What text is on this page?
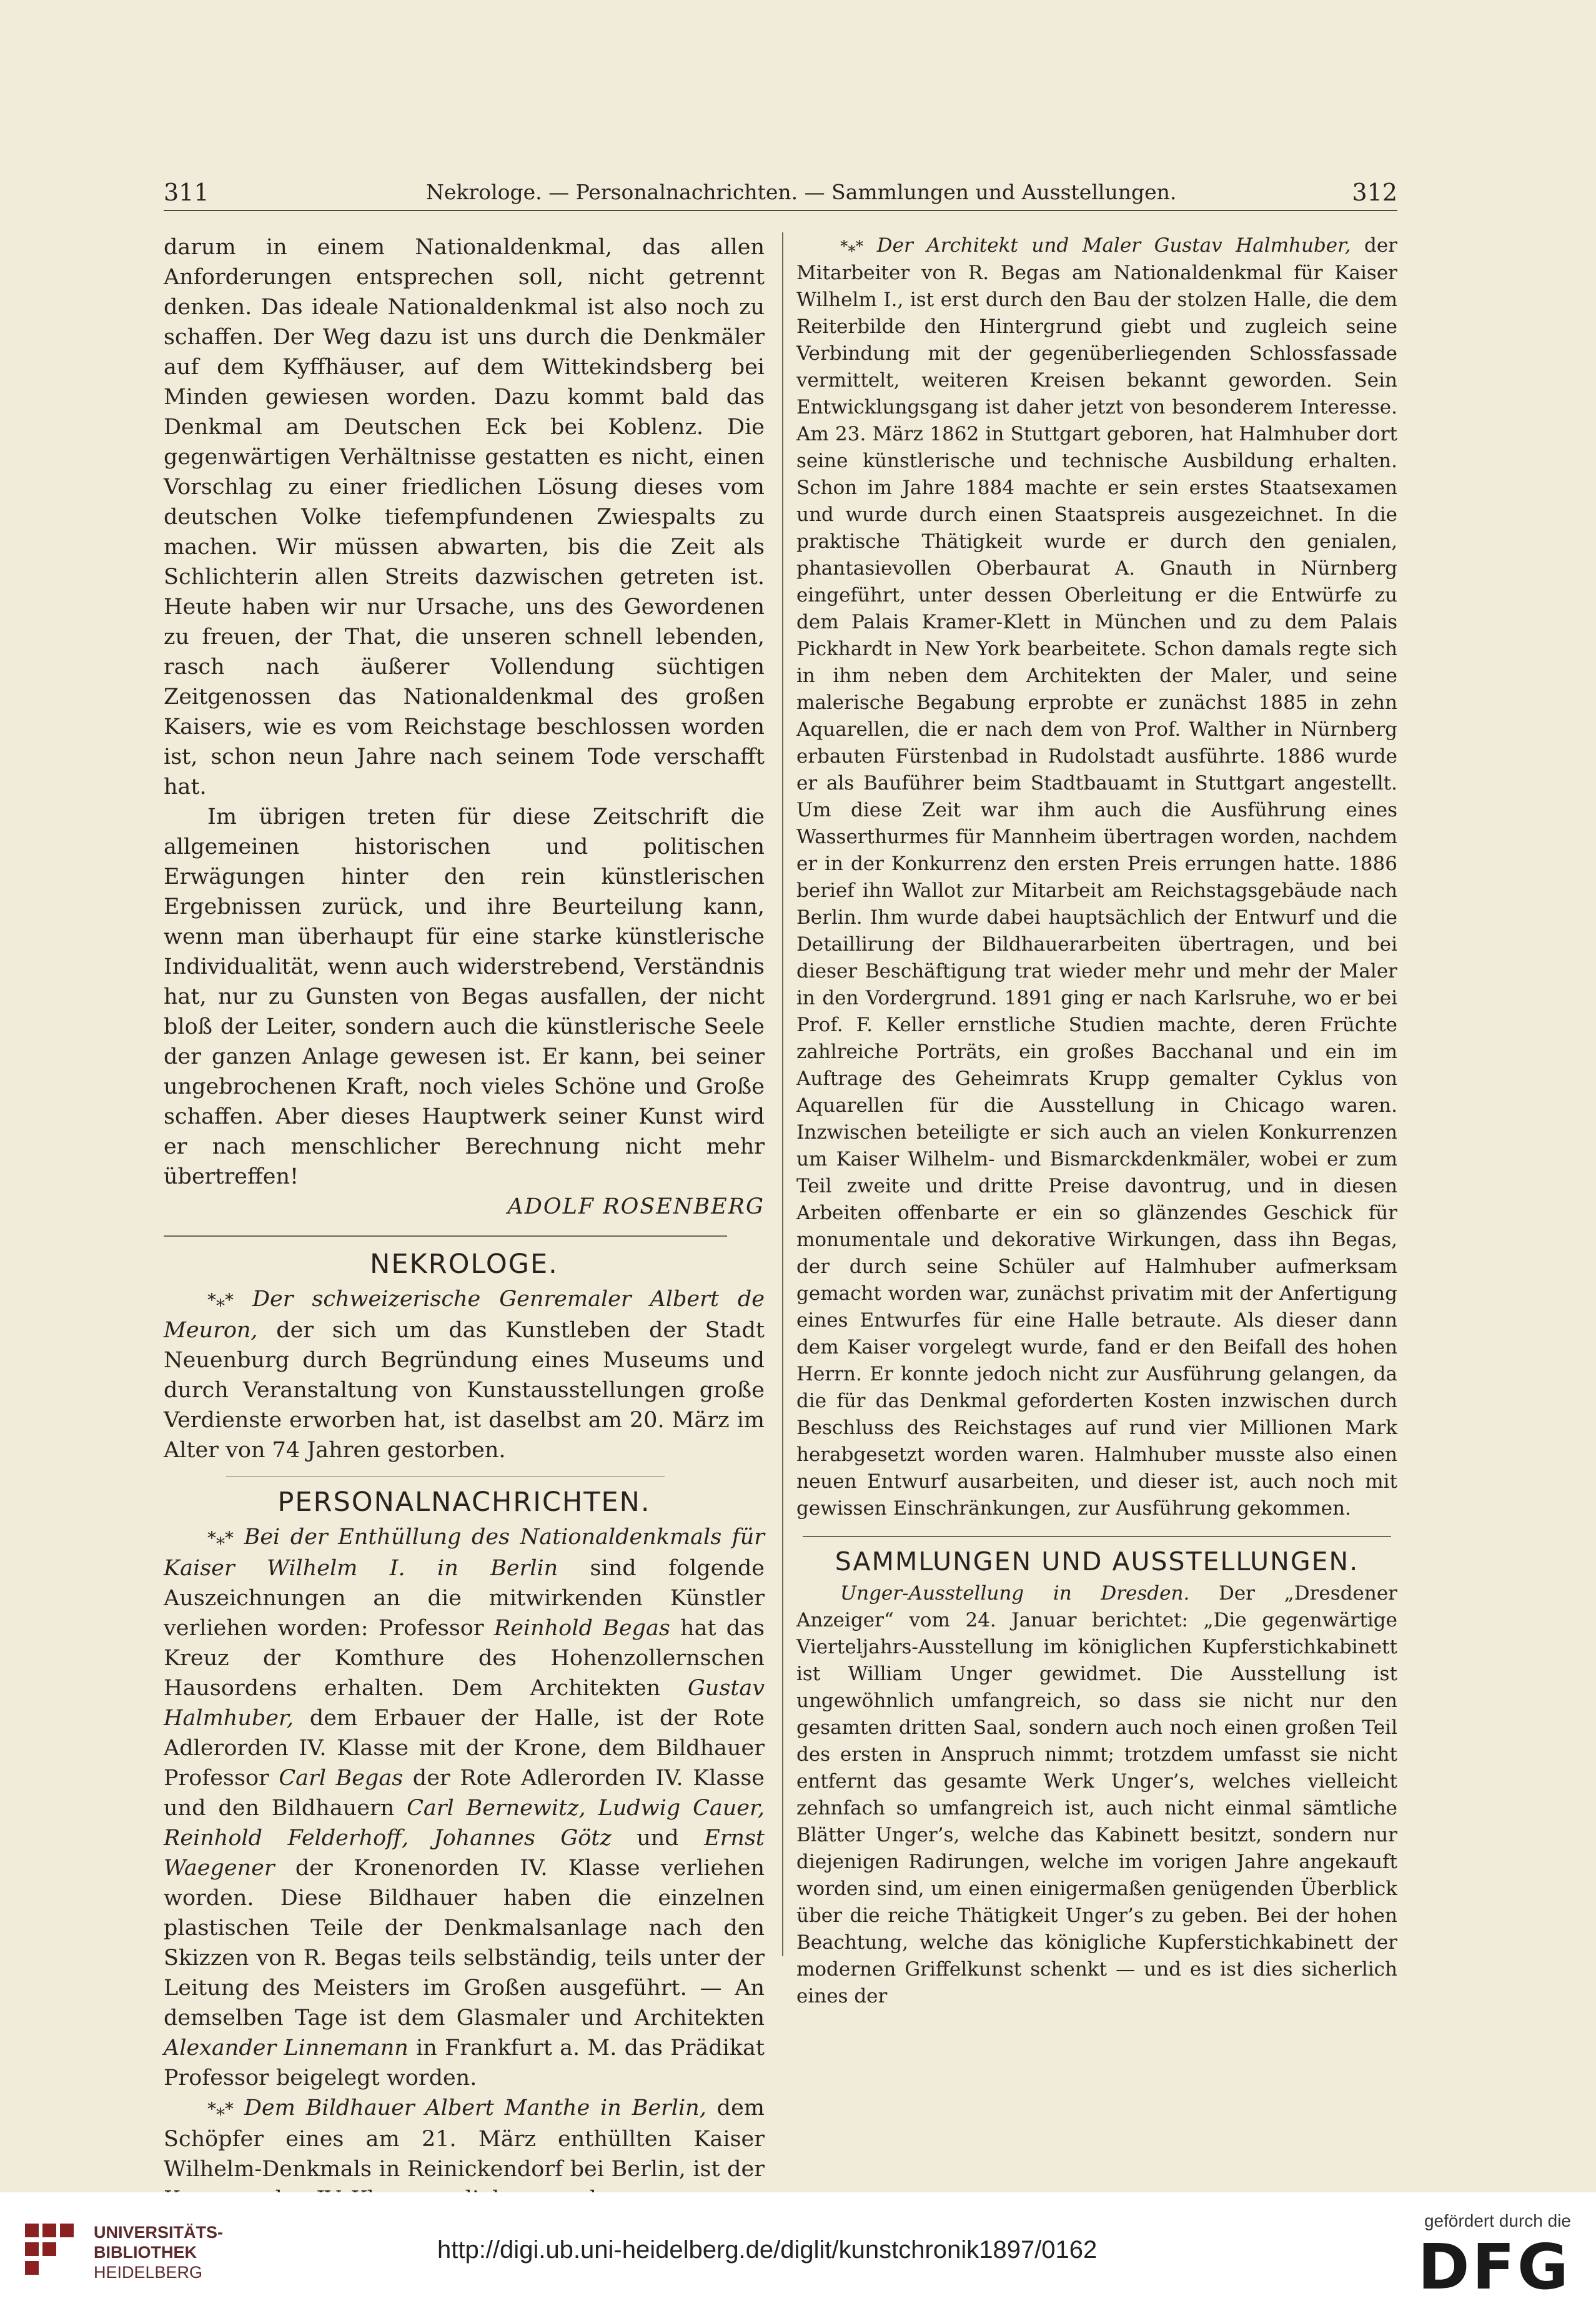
311	Nekrologe. — Personalnachrichten. — Sammlungen und Ausstellungen.	312

darum in einem Nationaldenkmal, das allen Anforderungen entsprechen soll, nicht getrennt denken. Das ideale Nationaldenkmal ist also noch zu schaffen. Der Weg dazu ist uns durch die Denkmäler auf dem Kyffhäuser, auf dem Wittekindsberg bei Minden gewiesen worden. Dazu kommt bald das Denkmal am Deutschen Eck bei Koblenz. Die gegenwärtigen Verhältnisse gestatten es nicht, einen Vorschlag zu einer friedlichen Lösung dieses vom deutschen Volke tiefempfundenen Zwiespalts zu machen. Wir müssen abwarten, bis die Zeit als Schlichterin allen Streits dazwischen getreten ist. Heute haben wir nur Ursache, uns des Gewordenen zu freuen, der That, die unseren schnell lebenden, rasch nach äußerer Vollendung süchtigen Zeitgenossen das Nationaldenkmal des großen Kaisers, wie es vom Reichstage beschlossen worden ist, schon neun Jahre nach seinem Tode verschafft hat.

Im übrigen treten für diese Zeitschrift die allgemeinen historischen und politischen Erwägungen hinter den rein künstlerischen Ergebnissen zurück, und ihre Beurteilung kann, wenn man überhaupt für eine starke künstlerische Individualität, wenn auch widerstrebend, Verständnis hat, nur zu Gunsten von Begas ausfallen, der nicht bloß der Leiter, sondern auch die künstlerische Seele der ganzen Anlage gewesen ist. Er kann, bei seiner ungebrochenen Kraft, noch vieles Schöne und Große schaffen. Aber dieses Hauptwerk seiner Kunst wird er nach menschlicher Berechnung nicht mehr übertreffen!

ADOLF ROSENBERG

NEKROLOGE.

*⁎* Der schweizerische Genremaler Albert de Meuron, der sich um das Kunstleben der Stadt Neuenburg durch Begründung eines Museums und durch Veranstaltung von Kunstausstellungen große Verdienste erworben hat, ist daselbst am 20. März im Alter von 74 Jahren gestorben.

PERSONALNACHRICHTEN.

*⁎* Bei der Enthüllung des Nationaldenkmals für Kaiser Wilhelm I. in Berlin sind folgende Auszeichnungen an die mitwirkenden Künstler verliehen worden: Professor Reinhold Begas hat das Kreuz der Komthure des Hohenzollernschen Hausordens erhalten. Dem Architekten Gustav Halmhuber, dem Erbauer der Halle, ist der Rote Adlerorden IV. Klasse mit der Krone, dem Bildhauer Professor Carl Begas der Rote Adlerorden IV. Klasse und den Bildhauern Carl Bernewitz, Ludwig Cauer, Reinhold Felderhoff, Johannes Götz und Ernst Waegener der Kronenorden IV. Klasse verliehen worden. Diese Bildhauer haben die einzelnen plastischen Teile der Denkmalsanlage nach den Skizzen von R. Begas teils selbständig, teils unter der Leitung des Meisters im Großen ausgeführt. — An demselben Tage ist dem Glasmaler und Architekten Alexander Linnemann in Frankfurt a. M. das Prädikat Professor beigelegt worden.

*⁎* Dem Bildhauer Albert Manthe in Berlin, dem Schöpfer eines am 21. März enthüllten Kaiser Wilhelm-Denkmals in Reinickendorf bei Berlin, ist der

*⁎* Der Architekt und Maler Gustav Halmhuber, der Mitarbeiter von R. Begas am Nationaldenkmal für Kaiser Wilhelm I., ist erst durch den Bau der stolzen Halle, die dem Reiterbilde den Hintergrund giebt und zugleich seine Verbindung mit der gegenüberliegenden Schlossfassade vermittelt, weiteren Kreisen bekannt geworden. Sein Entwicklungsgang ist daher jetzt von besonderem Interesse. Am 23. März 1862 in Stuttgart geboren, hat Halmhuber dort seine künstlerische und technische Ausbildung erhalten. Schon im Jahre 1884 machte er sein erstes Staatsexamen und wurde durch einen Staatspreis ausgezeichnet. In die praktische Thätigkeit wurde er durch den genialen, phantasievollen Oberbaurat A. Gnauth in Nürnberg eingeführt, unter dessen Oberleitung er die Entwürfe zu dem Palais Kramer-Klett in München und zu dem Palais Pickhardt in New York bearbeitete. Schon damals regte sich in ihm neben dem Architekten der Maler, und seine malerische Begabung erprobte er zunächst 1885 in zehn Aquarellen, die er nach dem von Prof. Walther in Nürnberg erbauten Fürstenbad in Rudolstadt ausführte. 1886 wurde er als Bauführer beim Stadtbauamt in Stuttgart angestellt. Um diese Zeit war ihm auch die Ausführung eines Wasserthurmes für Mannheim übertragen worden, nachdem er in der Konkurrenz den ersten Preis errungen hatte. 1886 berief ihn Wallot zur Mitarbeit am Reichstagsgebäude nach Berlin. Ihm wurde dabei hauptsächlich der Entwurf und die Detaillirung der Bildhauerarbeiten übertragen, und bei dieser Beschäftigung trat wieder mehr und mehr der Maler in den Vordergrund. 1891 ging er nach Karlsruhe, wo er bei Prof. F. Keller ernstliche Studien machte, deren Früchte zahlreiche Porträts, ein großes Bacchanal und ein im Auftrage des Geheimrats Krupp gemalter Cyklus von Aquarellen für die Ausstellung in Chicago waren. Inzwischen beteiligte er sich auch an vielen Konkurrenzen um Kaiser Wilhelm- und Bismarckdenkmäler, wobei er zum Teil zweite und dritte Preise davontrug, und in diesen Arbeiten offenbarte er ein so glänzendes Geschick für monumentale und dekorative Wirkungen, dass ihn Begas, der durch seine Schüler auf Halmhuber aufmerksam gemacht worden war, zunächst privatim mit der Anfertigung eines Entwurfes für eine Halle betraute. Als dieser dann dem Kaiser vorgelegt wurde, fand er den Beifall des hohen Herrn. Er konnte jedoch nicht zur Ausführung gelangen, da die für das Denkmal geforderten Kosten inzwischen durch Beschluss des Reichstages auf rund vier Millionen Mark herabgesetzt worden waren. Halmhuber musste also einen neuen Entwurf ausarbeiten, und dieser ist, auch noch mit gewissen Einschränkungen, zur Ausführung gekommen.

SAMMLUNGEN UND AUSSTELLUNGEN.

Unger-Ausstellung in Dresden. Der „Dresdener Anzeiger“ vom 24. Januar berichtet: „Die gegenwärtige Vierteljahrs-Ausstellung im königlichen Kupferstichkabinett ist William Unger gewidmet. Die Ausstellung ist ungewöhnlich umfangreich, so dass sie nicht nur den gesamten dritten Saal, sondern auch noch einen großen Teil des ersten in Anspruch nimmt; trotzdem umfasst sie nicht entfernt das gesamte Werk Unger’s, welches vielleicht zehnfach so umfangreich ist, auch nicht einmal sämtliche Blätter Unger’s, welche das Kabinett besitzt, sondern nur diejenigen Radirungen, welche im vorigen Jahre angekauft worden sind, um einen einigermaßen genügenden Überblick über die reiche Thätigkeit Unger’s zu geben. Bei der hohen Beachtung, welche das königliche Kupferstichkabinett der modernen Griffelkunst schenkt — und es ist dies sicherlich eines der

UNIVERSITÄTS-
BIBLIOTHEK
HEIDELBERG
http://digi.ub.uni-heidelberg.de/diglit/kunstchronik1897/0162
gefördert durch die
DFG
